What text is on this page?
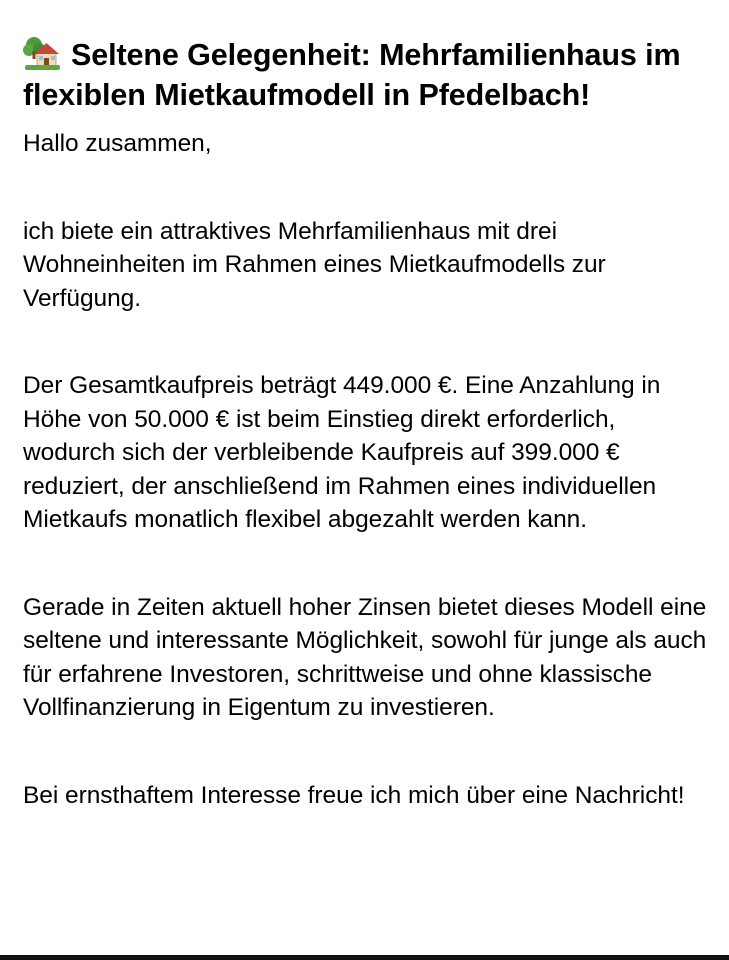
Seltene Gelegenheit: Mehrfamilienhaus im flexiblen Mietkaufmodell in Pfedelbach!

Hallo zusammen,

ich biete ein attraktives Mehrfamilienhaus mit drei Wohneinheiten im Rahmen eines Mietkaufmodells zur Verfügung.

Der Gesamtkaufpreis beträgt 449.000 €. Eine Anzahlung in Höhe von 50.000 € ist beim Einstieg direkt erforderlich, wodurch sich der verbleibende Kaufpreis auf 399.000 € reduziert, der anschließend im Rahmen eines individuellen Mietkaufs monatlich flexibel abgezahlt werden kann.

Gerade in Zeiten aktuell hoher Zinsen bietet dieses Modell eine seltene und interessante Möglichkeit, sowohl für junge als auch für erfahrene Investoren, schrittweise und ohne klassische Vollfinanzierung in Eigentum zu investieren.

Bei ernsthaftem Interesse freue ich mich über eine Nachricht!
